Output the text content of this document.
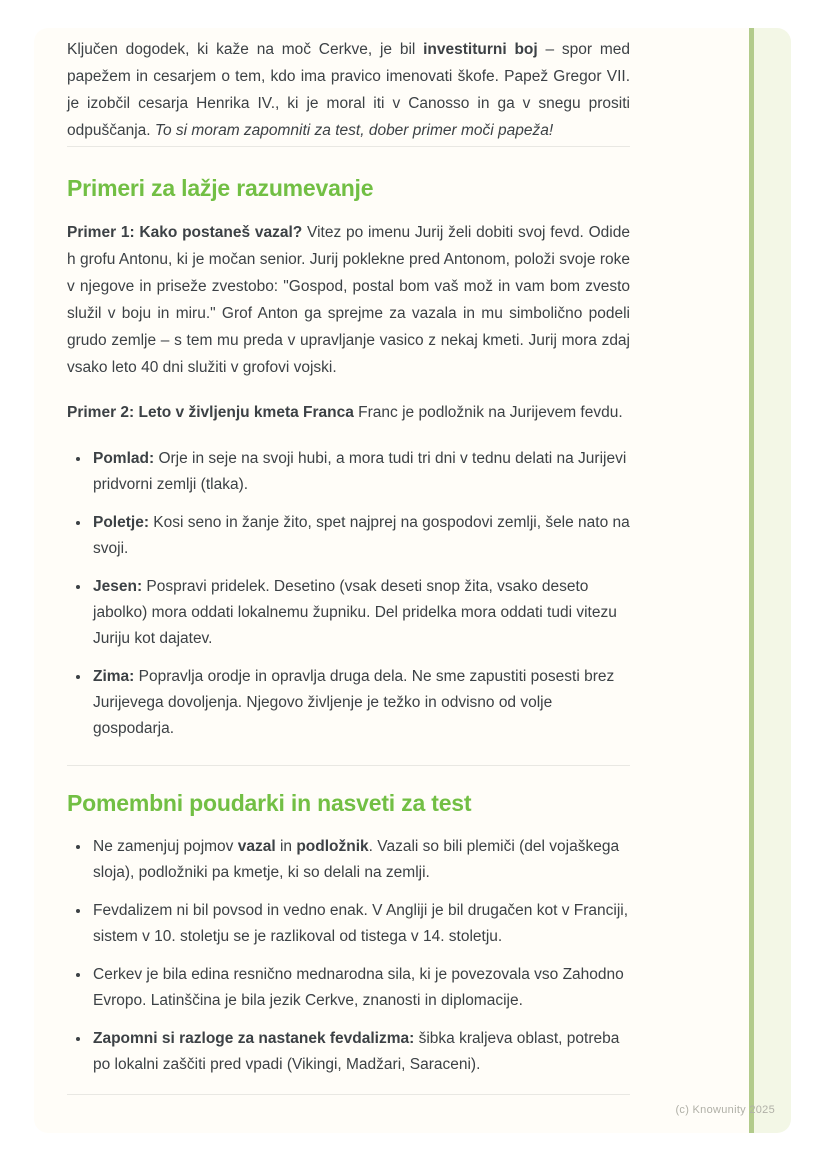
Ključen dogodek, ki kaže na moč Cerkve, je bil investiturni boj – spor med papežem in cesarjem o tem, kdo ima pravico imenovati škofe. Papež Gregor VII. je izobčil cesarja Henrika IV., ki je moral iti v Canosso in ga v snegu prositi odpuščanja. To si moram zapomniti za test, dober primer moči papeža!

Primeri za lažje razumevanje

Primer 1: Kako postaneš vazal? Vitez po imenu Jurij želi dobiti svoj fevd. Odide h grofu Antonu, ki je močan senior. Jurij poklekne pred Antonom, položi svoje roke v njegove in priseže zvestobo: "Gospod, postal bom vaš mož in vam bom zvesto služil v boju in miru." Grof Anton ga sprejme za vazala in mu simbolično podeli grudo zemlje – s tem mu preda v upravljanje vasico z nekaj kmeti. Jurij mora zdaj vsako leto 40 dni služiti v grofovi vojski.

Primer 2: Leto v življenju kmeta Franca Franc je podložnik na Jurijevem fevdu.

• Pomlad: Orje in seje na svoji hubi, a mora tudi tri dni v tednu delati na Jurijevi pridvorni zemlji (tlaka).
• Poletje: Kosi seno in žanje žito, spet najprej na gospodovi zemlji, šele nato na svoji.
• Jesen: Pospravi pridelek. Desetino (vsak deseti snop žita, vsako deseto jabolko) mora oddati lokalnemu župniku. Del pridelka mora oddati tudi vitezu Juriju kot dajatev.
• Zima: Popravlja orodje in opravlja druga dela. Ne sme zapustiti posesti brez Jurijevega dovoljenja. Njegovo življenje je težko in odvisno od volje gospodarja.
Pomembni poudarki in nasveti za test
• Ne zamenjuj pojmov vazal in podložnik. Vazali so bili plemiči (del vojaškega sloja), podložniki pa kmetje, ki so delali na zemlji.
• Fevdalizem ni bil povsod in vedno enak. V Angliji je bil drugačen kot v Franciji, sistem v 10. stoletju se je razlikoval od tistega v 14. stoletju.
• Cerkev je bila edina resnično mednarodna sila, ki je povezovala vso Zahodno Evropo. Latinščina je bila jezik Cerkve, znanosti in diplomacije.
• Zapomni si razloge za nastanek fevdalizma: šibka kraljeva oblast, potreba po lokalni zaščiti pred vpadi (Vikingi, Madžari, Saraceni).
(c) Knowunity 2025
